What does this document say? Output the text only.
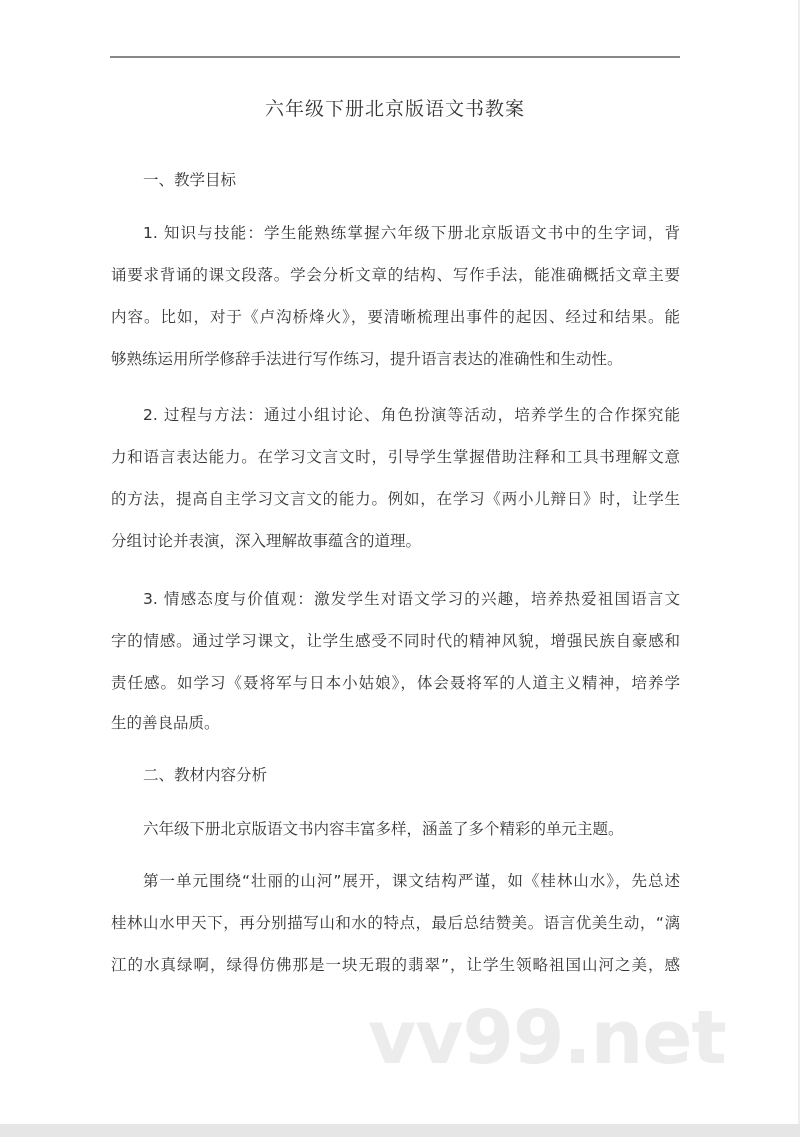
六年级下册北京版语文书教案
一、教学目标
1. 知识与技能：学生能熟练掌握六年级下册北京版语文书中的生字词，背
诵要求背诵的课文段落。学会分析文章的结构、写作手法，能准确概括文章主要
内容。比如，对于《卢沟桥烽火》，要清晰梳理出事件的起因、经过和结果。能
够熟练运用所学修辞手法进行写作练习，提升语言表达的准确性和生动性。
2. 过程与方法：通过小组讨论、角色扮演等活动，培养学生的合作探究能
力和语言表达能力。在学习文言文时，引导学生掌握借助注释和工具书理解文意
的方法，提高自主学习文言文的能力。例如，在学习《两小儿辩日》时，让学生
分组讨论并表演，深入理解故事蕴含的道理。
3. 情感态度与价值观：激发学生对语文学习的兴趣，培养热爱祖国语言文
字的情感。通过学习课文，让学生感受不同时代的精神风貌，增强民族自豪感和
责任感。如学习《聂将军与日本小姑娘》，体会聂将军的人道主义精神，培养学
生的善良品质。
二、教材内容分析
六年级下册北京版语文书内容丰富多样，涵盖了多个精彩的单元主题。
第一单元围绕“壮丽的山河”展开，课文结构严谨，如《桂林山水》，先总述
桂林山水甲天下，再分别描写山和水的特点，最后总结赞美。语言优美生动，“漓
江的水真绿啊，绿得仿佛那是一块无瑕的翡翠”，让学生领略祖国山河之美，感
vv99.net
